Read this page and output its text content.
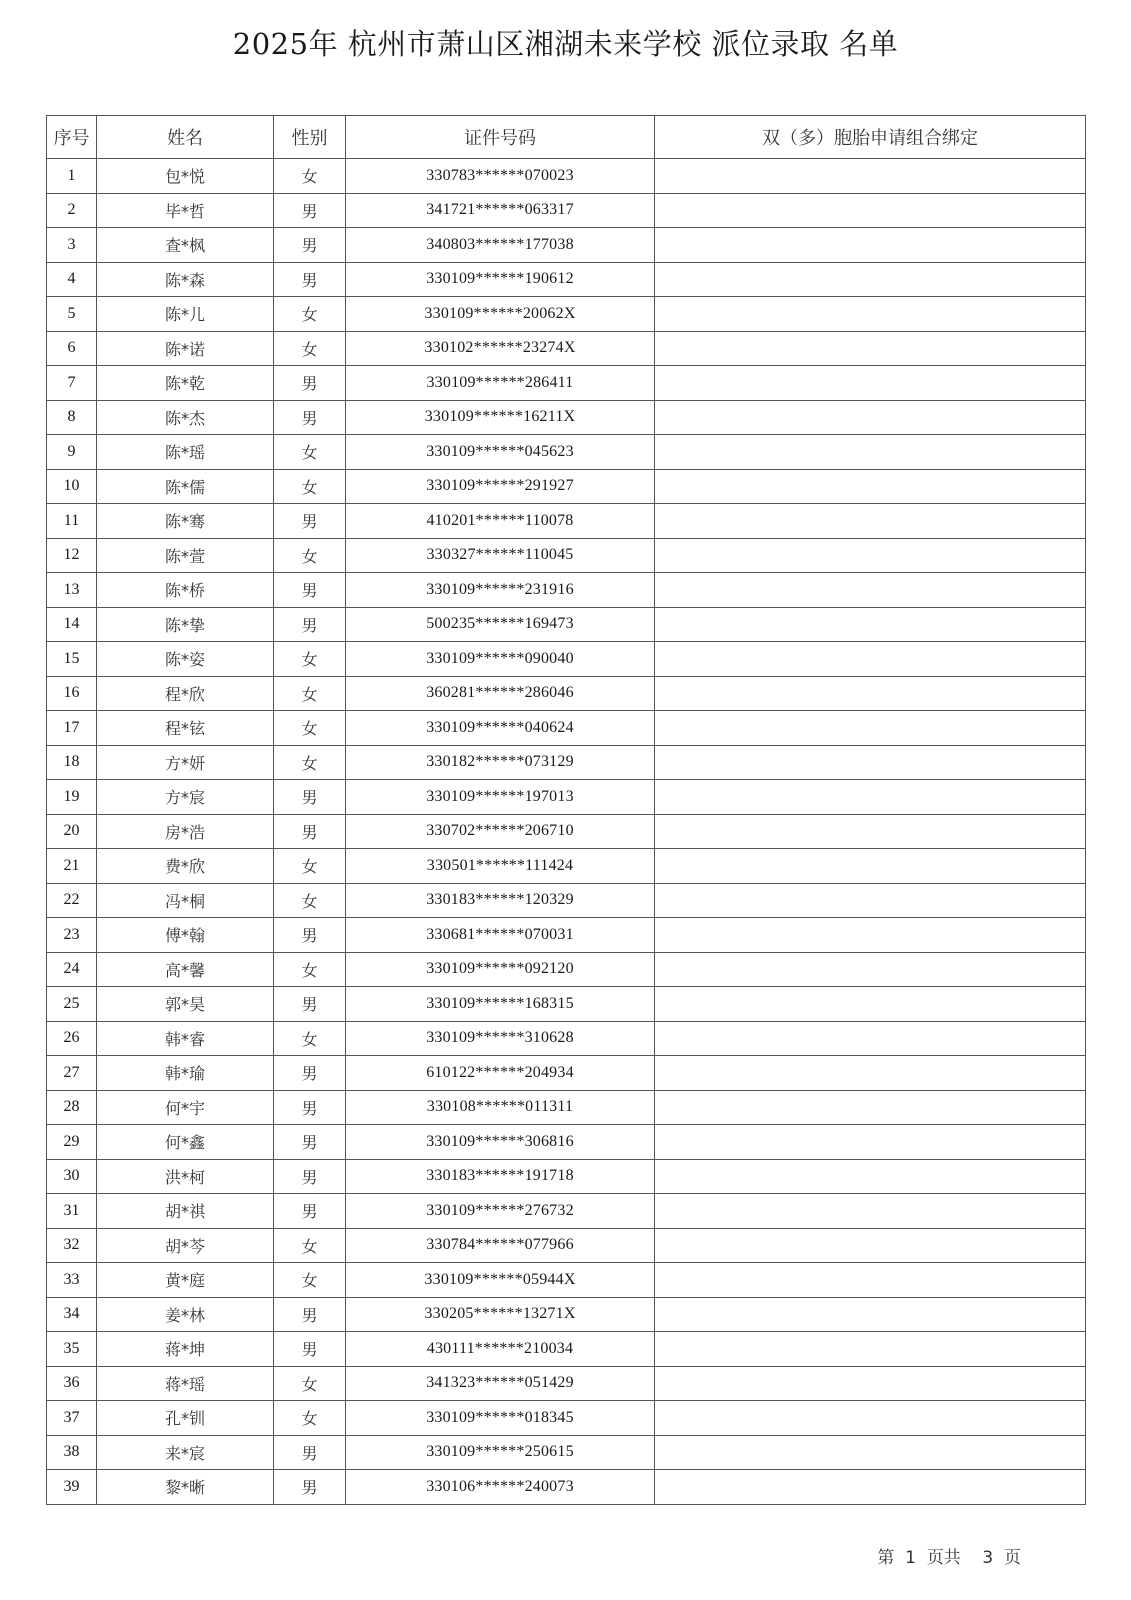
2025年 杭州市萧山区湘湖未来学校 派位录取 名单
序号	姓名	性别	证件号码	双（多）胞胎申请组合绑定
1	包*悦	女	330783******070023	
2	毕*哲	男	341721******063317	
3	查*枫	男	340803******177038	
4	陈*森	男	330109******190612	
5	陈*儿	女	330109******20062X	
6	陈*诺	女	330102******23274X	
7	陈*乾	男	330109******286411	
8	陈*杰	男	330109******16211X	
9	陈*瑶	女	330109******045623	
10	陈*儒	女	330109******291927	
11	陈*骞	男	410201******110078	
12	陈*萱	女	330327******110045	
13	陈*桥	男	330109******231916	
14	陈*挚	男	500235******169473	
15	陈*姿	女	330109******090040	
16	程*欣	女	360281******286046	
17	程*铉	女	330109******040624	
18	方*妍	女	330182******073129	
19	方*宸	男	330109******197013	
20	房*浩	男	330702******206710	
21	费*欣	女	330501******111424	
22	冯*桐	女	330183******120329	
23	傅*翰	男	330681******070031	
24	高*馨	女	330109******092120	
25	郭*昊	男	330109******168315	
26	韩*睿	女	330109******310628	
27	韩*瑜	男	610122******204934	
28	何*宇	男	330108******011311	
29	何*鑫	男	330109******306816	
30	洪*柯	男	330183******191718	
31	胡*祺	男	330109******276732	
32	胡*芩	女	330784******077966	
33	黄*庭	女	330109******05944X	
34	姜*林	男	330205******13271X	
35	蒋*坤	男	430111******210034	
36	蒋*瑶	女	341323******051429	
37	孔*钏	女	330109******018345	
38	来*宸	男	330109******250615	
39	黎*晰	男	330106******240073	
第 1 页共 3 页
